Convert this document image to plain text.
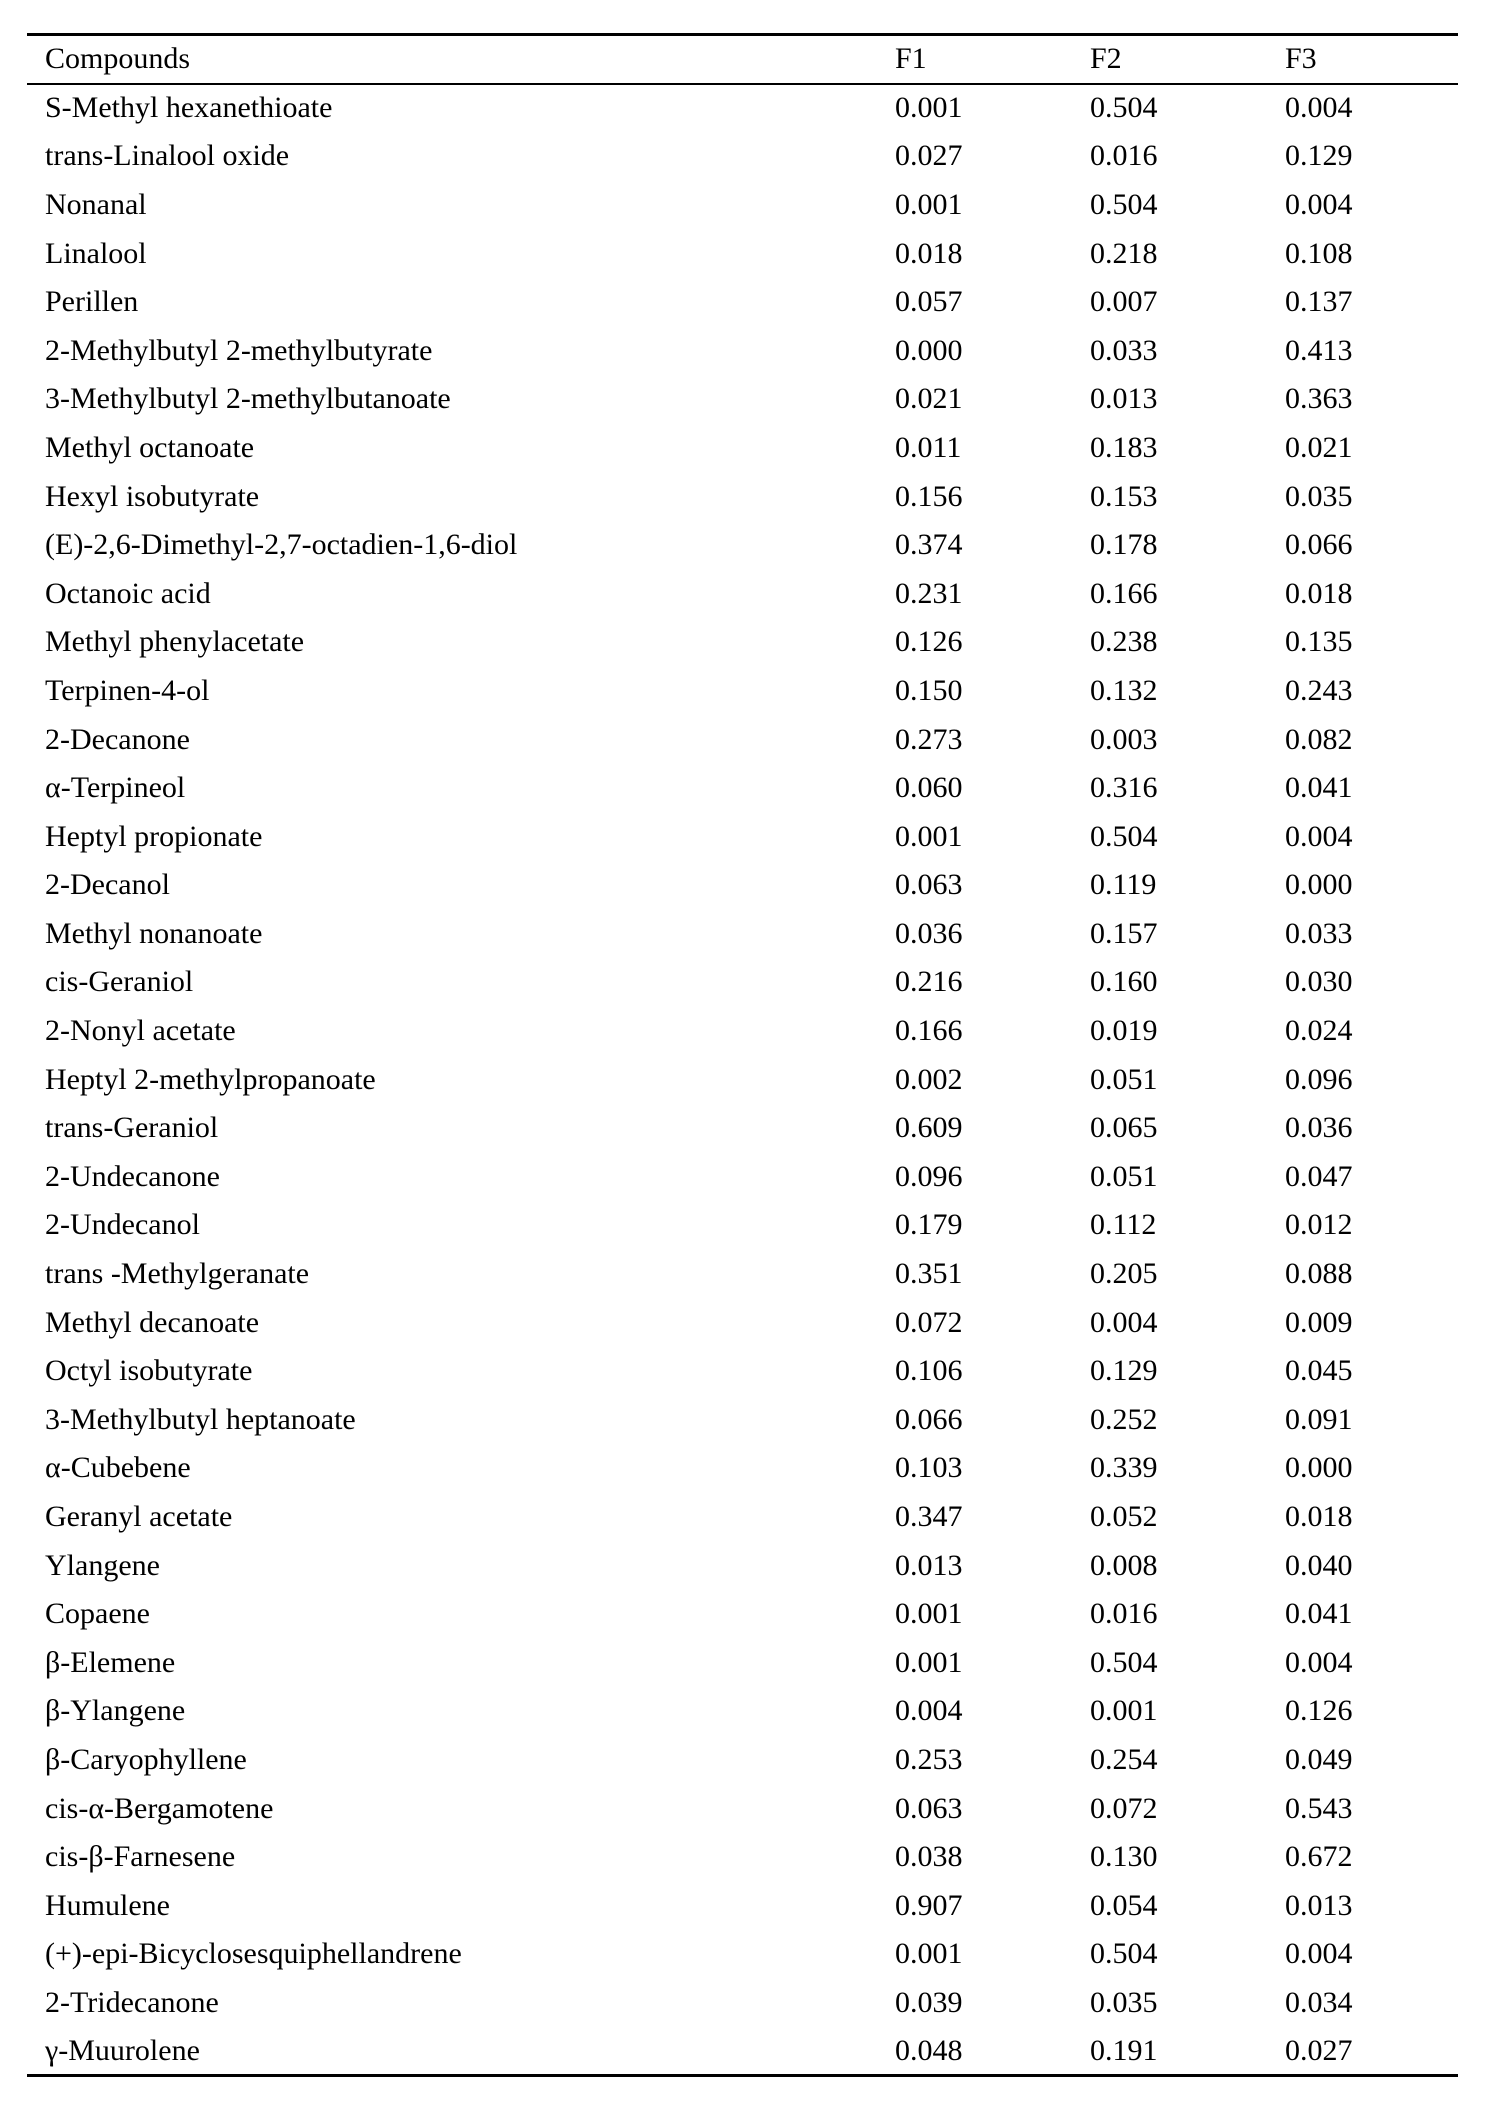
Compounds	F1	F2	F3
S-Methyl hexanethioate	0.001	0.504	0.004
trans-Linalool oxide	0.027	0.016	0.129
Nonanal	0.001	0.504	0.004
Linalool	0.018	0.218	0.108
Perillen	0.057	0.007	0.137
2-Methylbutyl 2-methylbutyrate	0.000	0.033	0.413
3-Methylbutyl 2-methylbutanoate	0.021	0.013	0.363
Methyl octanoate	0.011	0.183	0.021
Hexyl isobutyrate	0.156	0.153	0.035
(E)-2,6-Dimethyl-2,7-octadien-1,6-diol	0.374	0.178	0.066
Octanoic acid	0.231	0.166	0.018
Methyl phenylacetate	0.126	0.238	0.135
Terpinen-4-ol	0.150	0.132	0.243
2-Decanone	0.273	0.003	0.082
α-Terpineol	0.060	0.316	0.041
Heptyl propionate	0.001	0.504	0.004
2-Decanol	0.063	0.119	0.000
Methyl nonanoate	0.036	0.157	0.033
cis-Geraniol	0.216	0.160	0.030
2-Nonyl acetate	0.166	0.019	0.024
Heptyl 2-methylpropanoate	0.002	0.051	0.096
trans-Geraniol	0.609	0.065	0.036
2-Undecanone	0.096	0.051	0.047
2-Undecanol	0.179	0.112	0.012
trans -Methylgeranate	0.351	0.205	0.088
Methyl decanoate	0.072	0.004	0.009
Octyl isobutyrate	0.106	0.129	0.045
3-Methylbutyl heptanoate	0.066	0.252	0.091
α-Cubebene	0.103	0.339	0.000
Geranyl acetate	0.347	0.052	0.018
Ylangene	0.013	0.008	0.040
Copaene	0.001	0.016	0.041
β-Elemene	0.001	0.504	0.004
β-Ylangene	0.004	0.001	0.126
β-Caryophyllene	0.253	0.254	0.049
cis-α-Bergamotene	0.063	0.072	0.543
cis-β-Farnesene	0.038	0.130	0.672
Humulene	0.907	0.054	0.013
(+)-epi-Bicyclosesquiphellandrene	0.001	0.504	0.004
2-Tridecanone	0.039	0.035	0.034
γ-Muurolene	0.048	0.191	0.027
